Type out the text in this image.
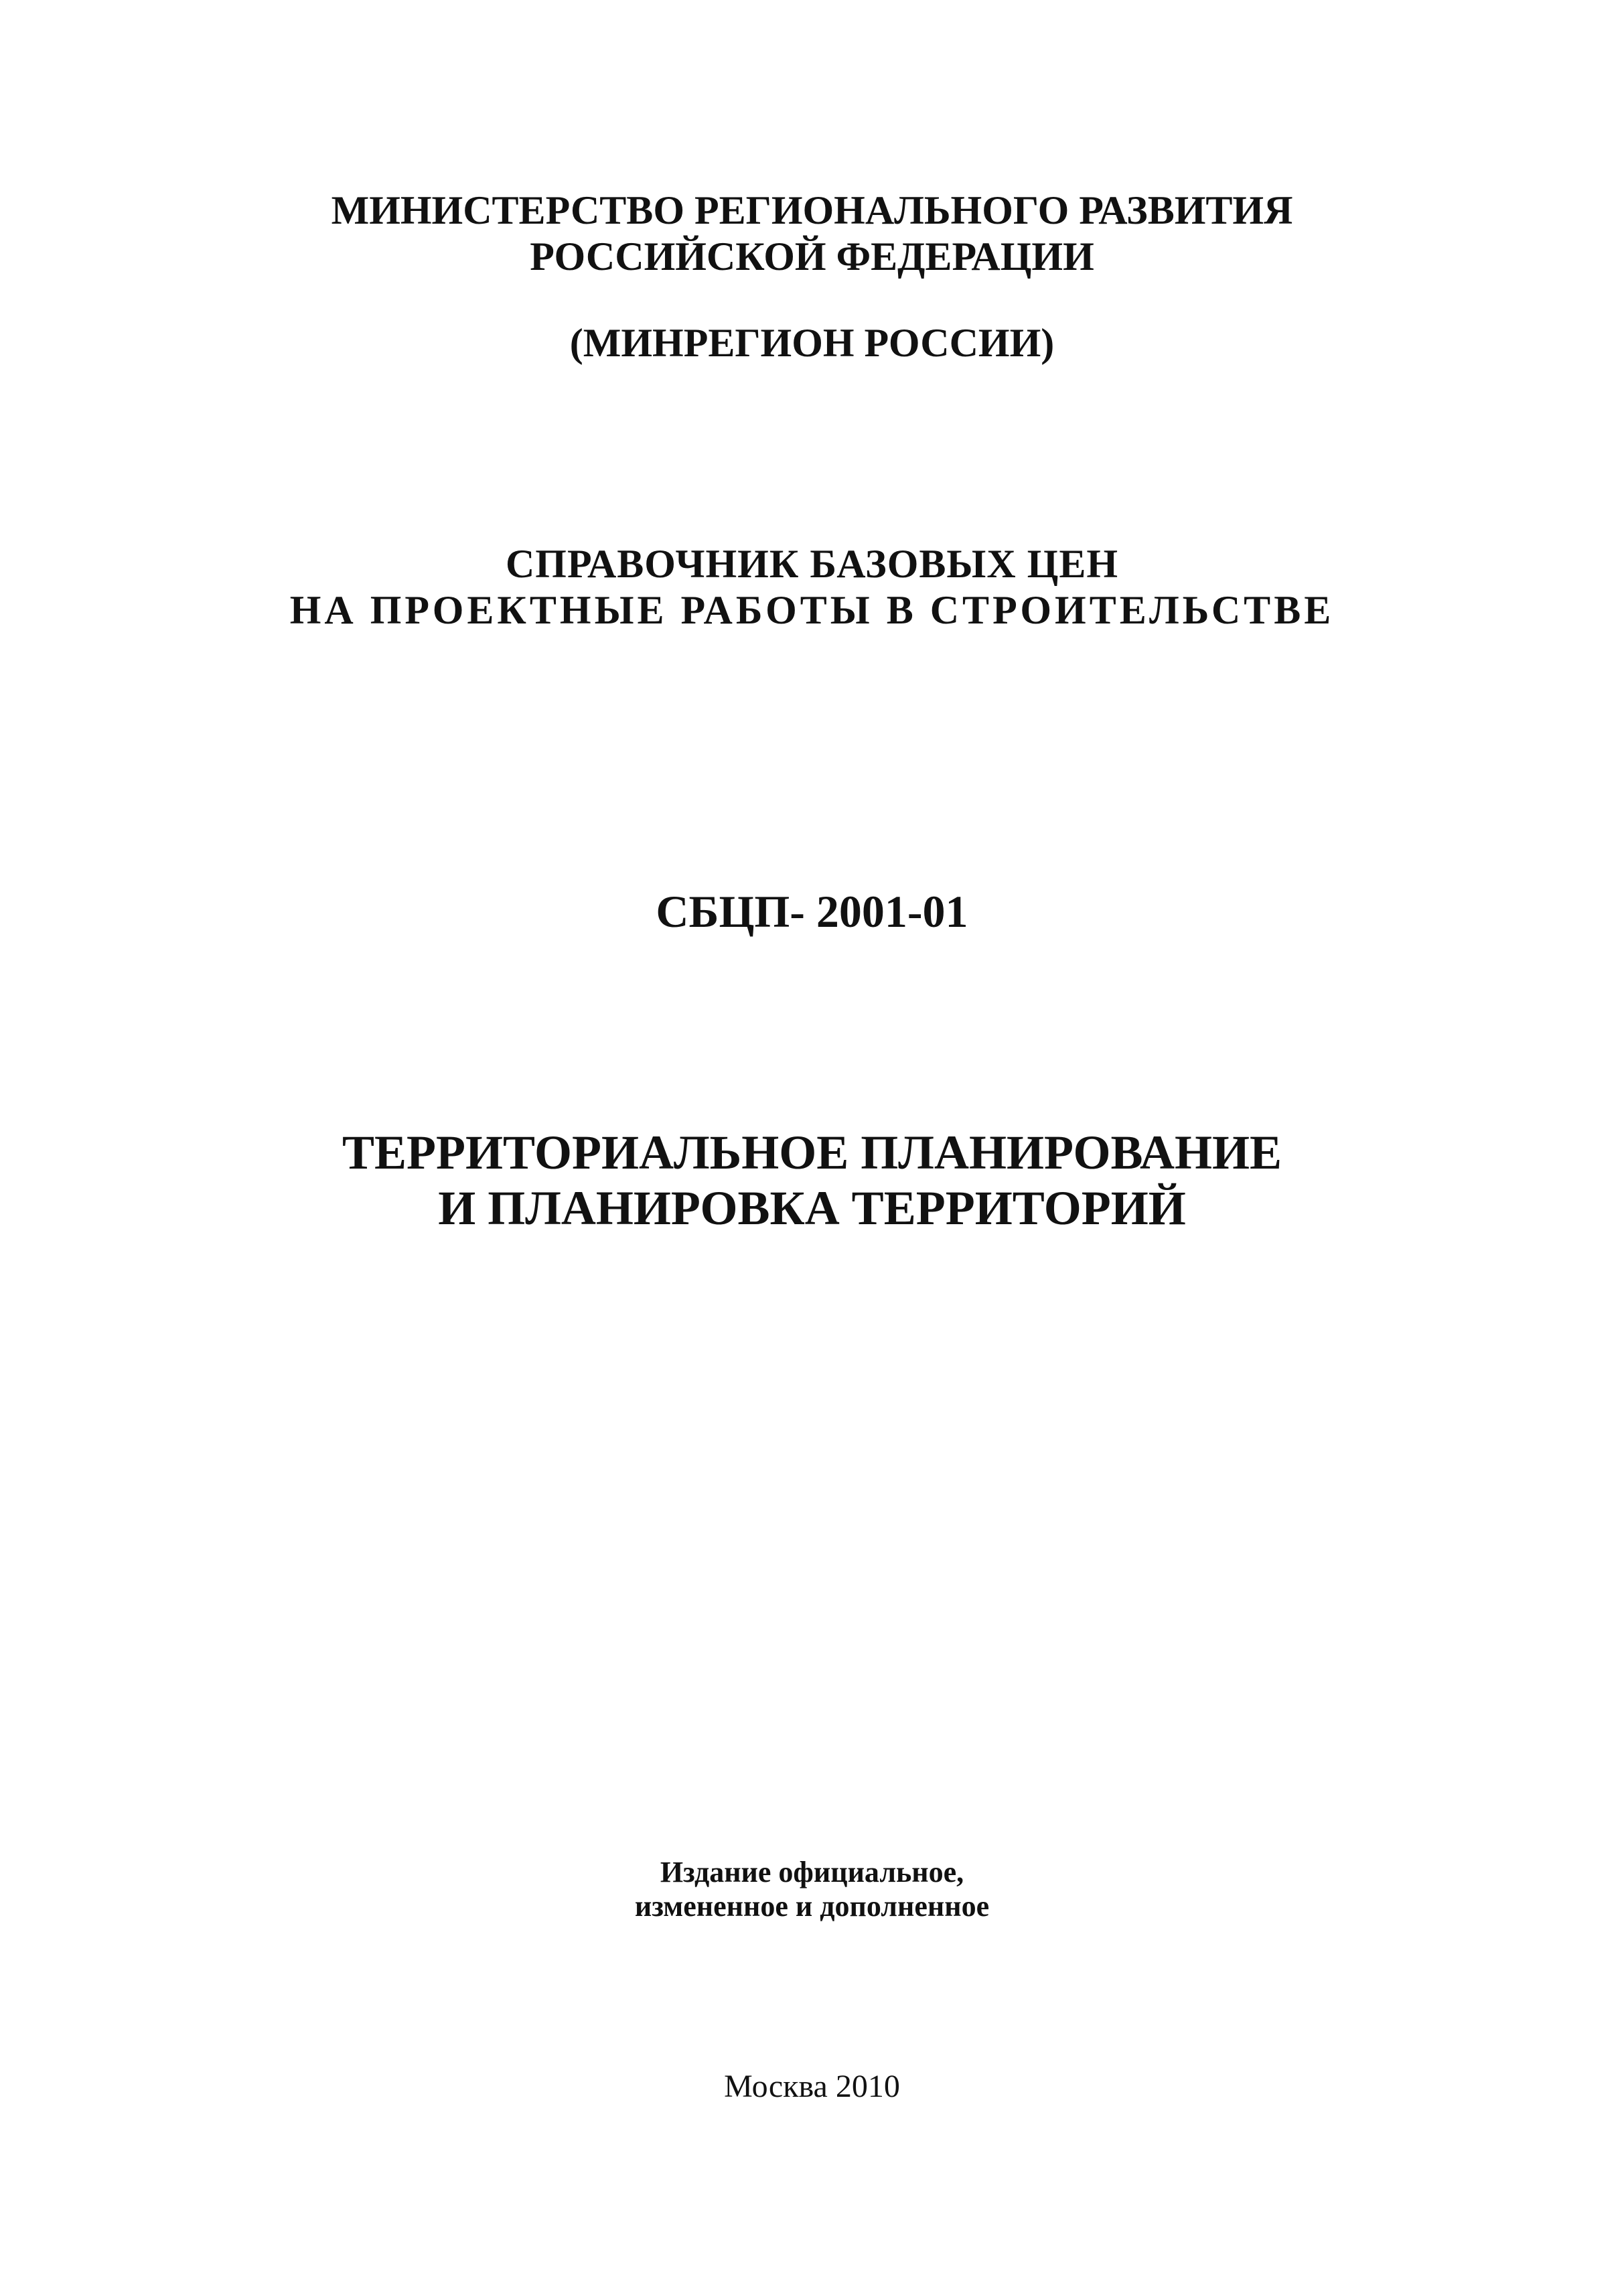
МИНИСТЕРСТВО РЕГИОНАЛЬНОГО РАЗВИТИЯ
РОССИЙСКОЙ ФЕДЕРАЦИИ
(МИНРЕГИОН РОССИИ)
СПРАВОЧНИК БАЗОВЫХ ЦЕН
НА ПРОЕКТНЫЕ РАБОТЫ В СТРОИТЕЛЬСТВЕ
СБЦП- 2001-01
ТЕРРИТОРИАЛЬНОЕ ПЛАНИРОВАНИЕ
И ПЛАНИРОВКА ТЕРРИТОРИЙ
Издание официальное,
измененное и дополненное
Москва 2010
